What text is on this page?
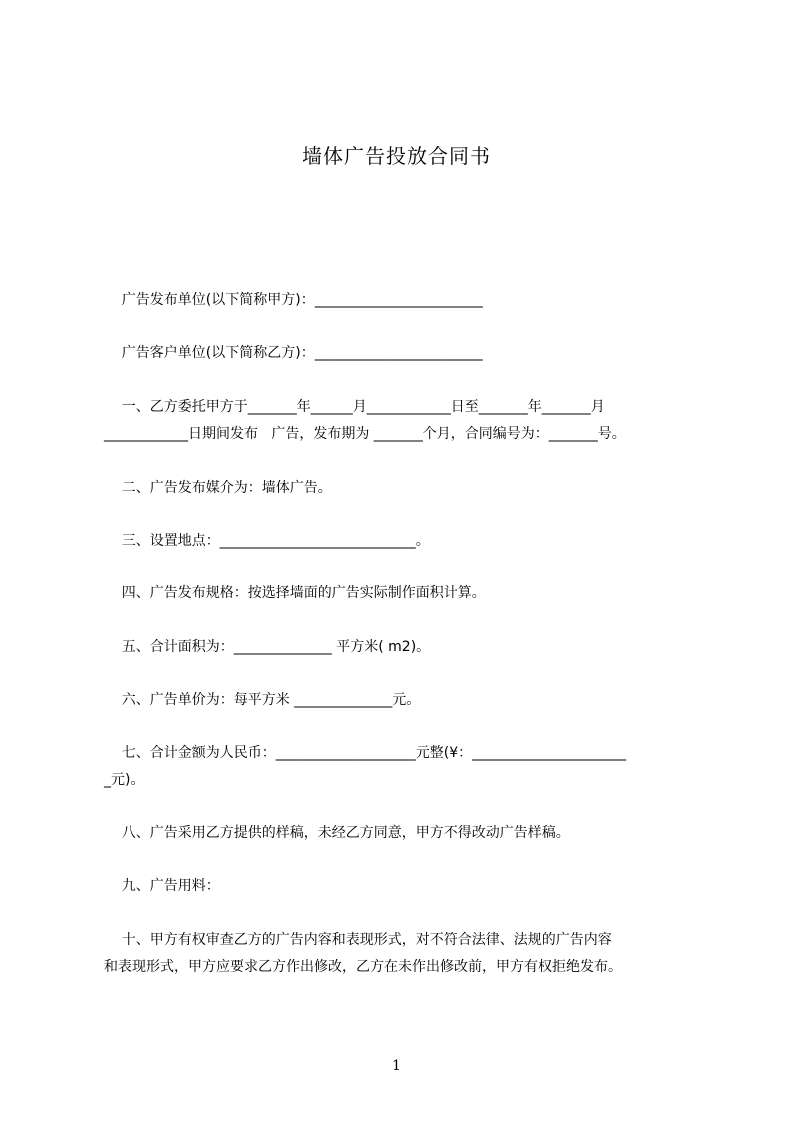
墙体广告投放合同书
广告发布单位(以下简称甲方)：________________________
广告客户单位(以下简称乙方)：________________________
一、乙方委托甲方于_______年______月____________日至_______年_______月
____________日期间发布   广告，发布期为 _______个月，合同编号为：_______号。
二、广告发布媒介为：墙体广告。
三、设置地点：____________________________。
四、广告发布规格：按选择墙面的广告实际制作面积计算。
五、合计面积为：______________ 平方米( m2)。
六、广告单价为：每平方米 ______________元。
七、合计金额为人民币：____________________元整(¥：______________________
_元)。
八、广告采用乙方提供的样稿，未经乙方同意，甲方不得改动广告样稿。
九、广告用料：
十、甲方有权审查乙方的广告内容和表现形式，对不符合法律、法规的广告内容
和表现形式，甲方应要求乙方作出修改，乙方在未作出修改前，甲方有权拒绝发布。
1
